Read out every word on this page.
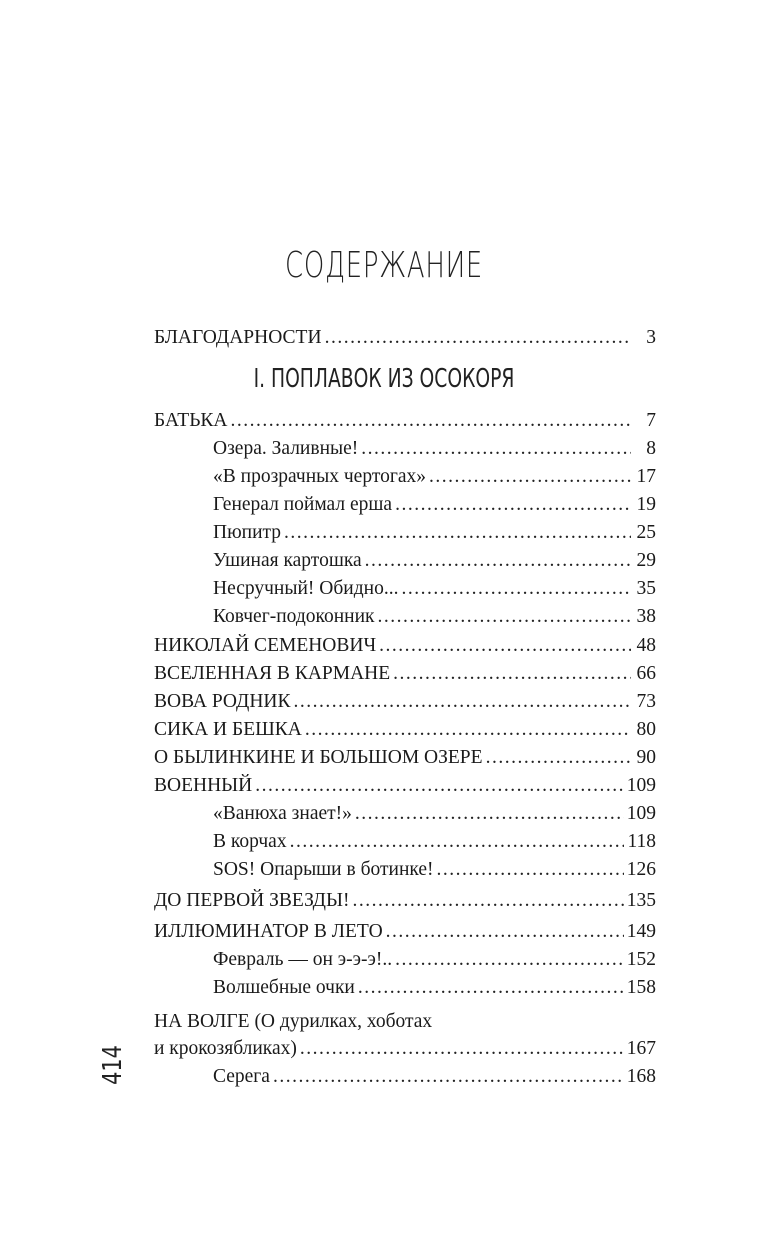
СОДЕРЖАНИЕ
БЛАГОДАРНОСТИ .....	3
I. ПОПЛАВОК ИЗ ОСОКОРЯ
БАТЬКА .....	7
Озера. Заливные! .....	8
«В прозрачных чертогах» .....	17
Генерал поймал ерша .....	19
Пюпитр .....	25
Ушиная картошка .....	29
Несручный! Обидно... .....	35
Ковчег-подоконник .....	38
НИКОЛАЙ СЕМЕНОВИЧ .....	48
ВСЕЛЕННАЯ В КАРМАНЕ .....	66
ВОВА РОДНИК .....	73
СИКА И БЕШКА .....	80
О БЫЛИНКИНЕ И БОЛЬШОМ ОЗЕРЕ .....	90
ВОЕННЫЙ .....	109
«Ванюха знает!» .....	109
В корчах .....	118
SOS! Опарыши в ботинке! .....	126
ДО ПЕРВОЙ ЗВЕЗДЫ! .....	135
ИЛЛЮМИНАТОР В ЛЕТО .....	149
Февраль — он э-э-э!.. .....	152
Волшебные очки .....	158
НА ВОЛГЕ (О дурилках, хоботах
и крокозябликах) .....	167
Серега .....	168
414
